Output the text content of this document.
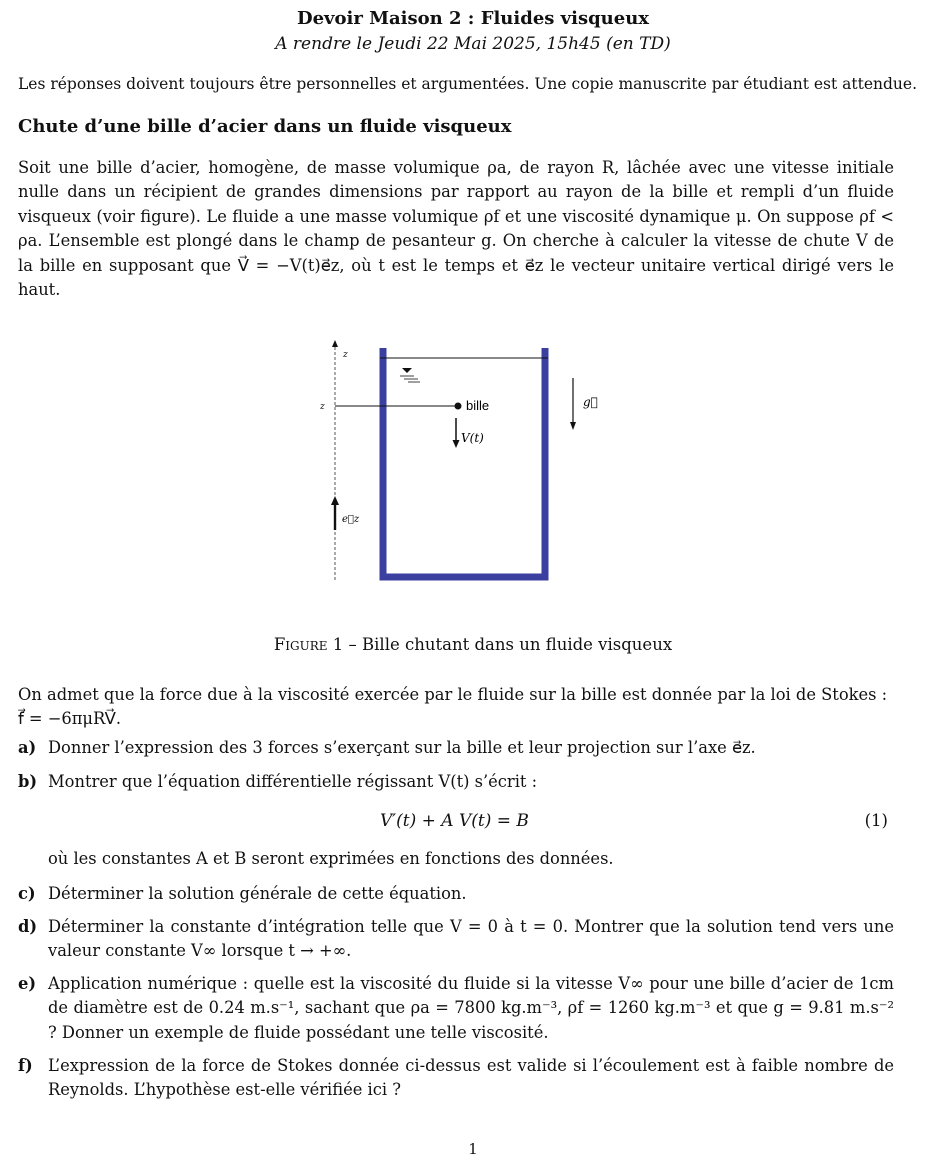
Devoir Maison 2 : Fluides visqueux
A rendre le Jeudi 22 Mai 2025, 15h45 (en TD)
Les réponses doivent toujours être personnelles et argumentées. Une copie manuscrite par étudiant est attendue.
Chute d’une bille d’acier dans un fluide visqueux
Soit une bille d’acier, homogène, de masse volumique ρa, de rayon R, lâchée avec une vitesse initiale nulle dans un récipient de grandes dimensions par rapport au rayon de la bille et rempli d’un fluide visqueux (voir figure). Le fluide a une masse volumique ρf et une viscosité dynamique μ. On suppose ρf < ρa. L’ensemble est plongé dans le champ de pesanteur g. On cherche à calculer la vitesse de chute V de la bille en supposant que V⃗ = −V(t)e⃗z, où t est le temps et e⃗z le vecteur unitaire vertical dirigé vers le haut.
z
z	bille
V(t)
g⃗
e⃗z
Figure 1 – Bille chutant dans un fluide visqueux
On admet que la force due à la viscosité exercée par le fluide sur la bille est donnée par la loi de Stokes : f⃗ = −6πμRV⃗.
a) Donner l’expression des 3 forces s’exerçant sur la bille et leur projection sur l’axe e⃗z.
b) Montrer que l’équation différentielle régissant V(t) s’écrit :
V′(t) + A V(t) = B	(1)
où les constantes A et B seront exprimées en fonctions des données.
c) Déterminer la solution générale de cette équation.
d) Déterminer la constante d’intégration telle que V = 0 à t = 0. Montrer que la solution tend vers une valeur constante V∞ lorsque t → +∞.
e) Application numérique : quelle est la viscosité du fluide si la vitesse V∞ pour une bille d’acier de 1cm de diamètre est de 0.24 m.s⁻¹, sachant que ρa = 7800 kg.m⁻³, ρf = 1260 kg.m⁻³ et que g = 9.81 m.s⁻² ? Donner un exemple de fluide possédant une telle viscosité.
f) L’expression de la force de Stokes donnée ci-dessus est valide si l’écoulement est à faible nombre de Reynolds. L’hypothèse est-elle vérifiée ici ?
1
